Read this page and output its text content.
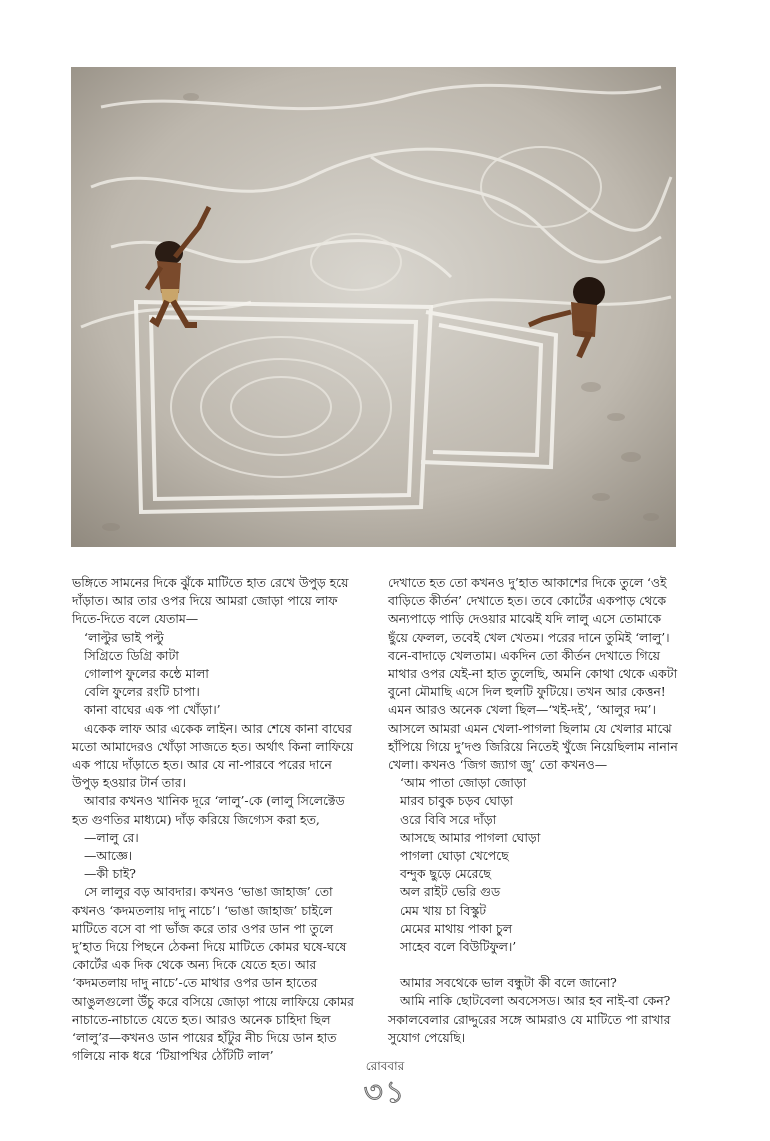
ভঙ্গিতে সামনের দিকে ঝুঁকে মাটিতে হাত রেখে উপুড় হয়ে দাঁড়াত। আর তার ওপর দিয়ে আমরা জোড়া পায়ে লাফ দিতে-দিতে বলে যেতাম—

‘লাল্টুর ভাই পল্টু

সিগ্রিতে ডিগ্রি কাটা

গোলাপ ফুলের কন্ঠে মালা

বেলি ফুলের রংটি চাপা।

কানা বাঘের এক পা খোঁড়া।’

একেক লাফ আর একেক লাইন। আর শেষে কানা বাঘের মতো আমাদেরও খোঁড়া সাজতে হত। অর্থাৎ কিনা লাফিয়ে এক পায়ে দাঁড়াতে হত। আর যে না-পারবে পরের দানে উপুড় হওয়ার টার্ন তার।

আবার কখনও খানিক দূরে ‘লালু’-কে (লালু সিলেক্টেড হত গুণতির মাধ্যমে) দাঁড় করিয়ে জিগ্যেস করা হত,

—লালু রে।

—আজ্ঞে।

—কী চাই?

সে লালুর বড় আবদার। কখনও ‘ভাঙা জাহাজ’ তো কখনও ‘কদমতলায় দাদু নাচে’। ‘ভাঙা জাহাজ’ চাইলে মাটিতে বসে বা পা ভাঁজ করে তার ওপর ডান পা তুলে দু’হাত দিয়ে পিছনে ঠেকনা দিয়ে মাটিতে কোমর ঘষে-ঘষে কোর্টের এক দিক থেকে অন্য দিকে যেতে হত। আর ‘কদমতলায় দাদু নাচে’-তে মাথার ওপর ডান হাতের আঙুলগুলো উঁচু করে বসিয়ে জোড়া পায়ে লাফিয়ে কোমর নাচাতে-নাচাতে যেতে হত। আরও অনেক চাহিদা ছিল ‘লালু’র—কখনও ডান পায়ের হাঁটুর নীচ দিয়ে ডান হাত গলিয়ে নাক ধরে ‘টিয়াপখির ঠোঁটটি লাল’

দেখাতে হত তো কখনও দু’হাত আকাশের দিকে তুলে ‘ওই বাড়িতে কীর্তন’ দেখাতে হত। তবে কোর্টের একপাড় থেকে অন্যপাড়ে পাড়ি দেওয়ার মাঝেই যদি লালু এসে তোমাকে ছুঁয়ে ফেলল, তবেই খেল খেতম। পরের দানে তুমিই ‘লালু’। বনে-বাদাড়ে খেলতাম। একদিন তো কীর্তন দেখাতে গিয়ে মাথার ওপর যেই-না হাত তুলেছি, অমনি কোথা থেকে একটা বুনো মৌমাছি এসে দিল হুলটি ফুটিয়ে। তখন আর কেত্তন! এমন আরও অনেক খেলা ছিল—‘খই-দই’, ‘আলুর দম’। আসলে আমরা এমন খেলা-পাগলা ছিলাম যে খেলার মাঝে হাঁপিয়ে গিয়ে দু’দণ্ড জিরিয়ে নিতেই খুঁজে নিয়েছিলাম নানান খেলা। কখনও ‘জিগ জ্যাগ জু’ তো কখনও—

‘আম পাতা জোড়া জোড়া

মারব চাবুক চড়ব ঘোড়া

ওরে বিবি সরে দাঁড়া

আসছে আমার পাগলা ঘোড়া

পাগলা ঘোড়া খেপেছে

বন্দুক ছুড়ে মেরেছে

অল রাইট ভেরি গুড

মেম খায় চা বিস্কুট

মেমের মাথায় পাকা চুল

সাহেব বলে বিউটিফুল।’

আমার সবথেকে ভাল বন্ধুটা কী বলে জানো?

আমি নাকি ছোটবেলা অবসেসড। আর হব নাই-বা কেন? সকালবেলার রোদ্দুরের সঙ্গে আমরাও যে মাটিতে পা রাখার সুযোগ পেয়েছি।

রোববার
৩১
